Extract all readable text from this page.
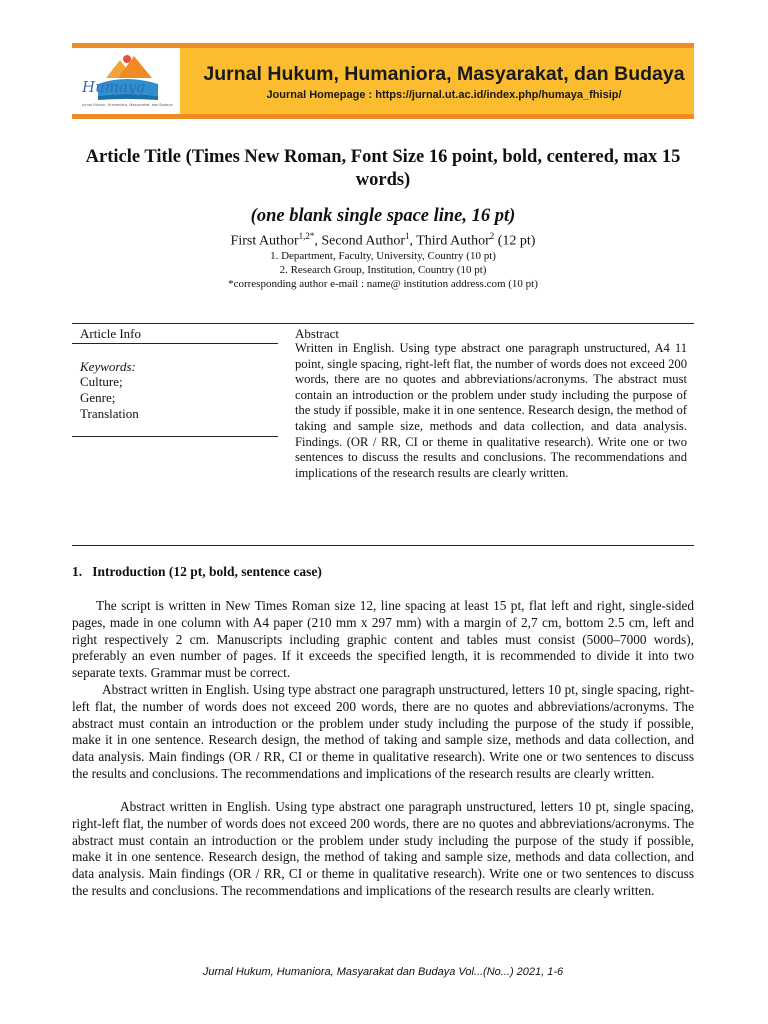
Humaya
Jurnal Hukum, Humaniora, Masyarakat, dan Budaya
Jurnal Hukum, Humaniora, Masyarakat, dan Budaya
Journal Homepage : https://jurnal.ut.ac.id/index.php/humaya_fhisip/
Article Title (Times New Roman, Font Size 16 point, bold, centered, max 15 words)
(one blank single space line, 16 pt)
First Author$^{1,2*}$, Second Author$^1$, Third Author$^2$ (12 pt)
1. Department, Faculty, University, Country (10 pt)
2. Research Group, Institution, Country (10 pt)
*corresponding author e-mail : name@ institution address.com (10 pt)
Article Info
Keywords:
Culture;
Genre;
Translation
Abstract
Written in English. Using type abstract one paragraph unstructured, A4 11 point, single spacing, right-left flat, the number of words does not exceed 200 words, there are no quotes and abbreviations/acronyms. The abstract must contain an introduction or the problem under study including the purpose of the study if possible, make it in one sentence. Research design, the method of taking and sample size, methods and data collection, and data analysis. Findings. (OR / RR, CI or theme in qualitative research). Write one or two sentences to discuss the results and conclusions. The recommendations and implications of the research results are clearly written.
1.   Introduction (12 pt, bold, sentence case)
The script is written in New Times Roman size 12, line spacing at least 15 pt, flat left and right, single-sided pages, made in one column with A4 paper (210 mm x 297 mm) with a margin of 2,7 cm, bottom 2.5 cm, left and right respectively 2 cm. Manuscripts including graphic content and tables must consist (5000–7000 words), preferably an even number of pages. If it exceeds the specified length, it is recommended to divide it into two separate texts. Grammar must be correct.
Abstract written in English. Using type abstract one paragraph unstructured, letters 10 pt, single spacing, right-left flat, the number of words does not exceed 200 words, there are no quotes and abbreviations/acronyms. The abstract must contain an introduction or the problem under study including the purpose of the study if possible, make it in one sentence. Research design, the method of taking and sample size, methods and data collection, and data analysis. Main findings (OR / RR, CI or theme in qualitative research). Write one or two sentences to discuss the results and conclusions. The recommendations and implications of the research results are clearly written.
Abstract written in English. Using type abstract one paragraph unstructured, letters 10 pt, single spacing, right-left flat, the number of words does not exceed 200 words, there are no quotes and abbreviations/acronyms. The abstract must contain an introduction or the problem under study including the purpose of the study if possible, make it in one sentence. Research design, the method of taking and sample size, methods and data collection, and data analysis. Main findings (OR / RR, CI or theme in qualitative research). Write one or two sentences to discuss the results and conclusions. The recommendations and implications of the research results are clearly written.
Jurnal Hukum, Humaniora, Masyarakat dan Budaya Vol...(No...) 2021, 1-6
